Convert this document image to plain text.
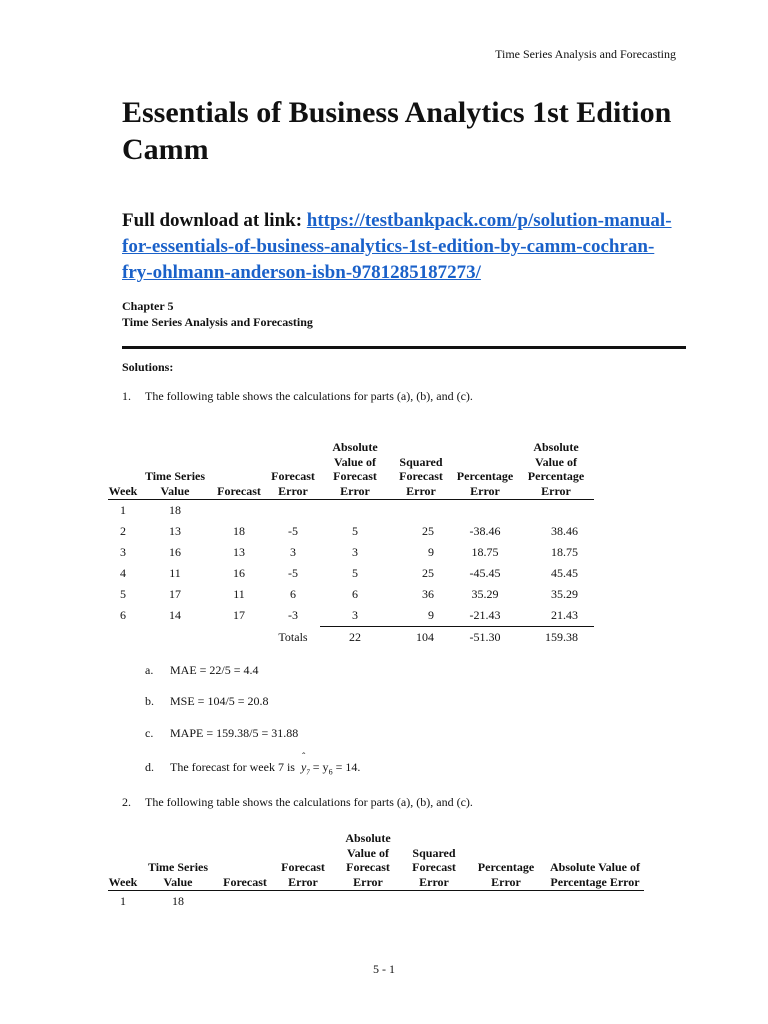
Time Series Analysis and Forecasting
Essentials of Business Analytics 1st Edition Camm
Full download at link: https://testbankpack.com/p/solution-manual-for-essentials-of-business-analytics-1st-edition-by-camm-cochran-fry-ohlmann-anderson-isbn-9781285187273/
Chapter 5
Time Series Analysis and Forecasting
Solutions:
1. The following table shows the calculations for parts (a), (b), and (c).
Week	Time Series Value	Forecast	Forecast Error	Absolute Value of Forecast Error	Squared Forecast Error	Percentage Error	Absolute Value of Percentage Error
1	18						
2	13	18	-5	5	25	-38.46	38.46
3	16	13	3	3	9	18.75	18.75
4	11	16	-5	5	25	-45.45	45.45
5	17	11	6	6	36	35.29	35.29
6	14	17	-3	3	9	-21.43	21.43
			Totals	22	104	-51.30	159.38
a. MAE = 22/5 = 4.4
b. MSE = 104/5 = 20.8
c. MAPE = 159.38/5 = 31.88
d. The forecast for week 7 is
ˆ
$y_7 = y_6 = 14$.
2. The following table shows the calculations for parts (a), (b), and (c).
Week	Time Series Value	Forecast	Forecast Error	Absolute Value of Forecast Error	Squared Forecast Error	Percentage Error	Absolute Value of Percentage Error
1	18						
5 - 1
